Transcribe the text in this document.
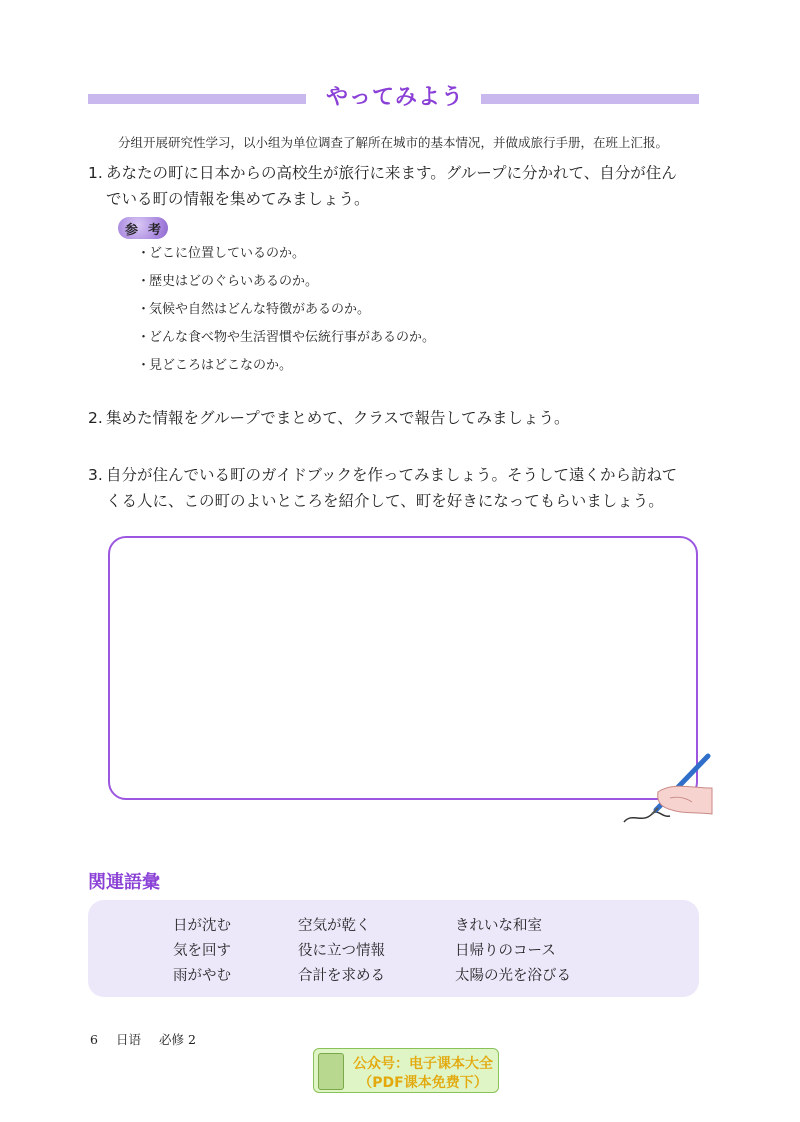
やってみよう
分组开展研究性学习，以小组为单位调查了解所在城市的基本情况，并做成旅行手册，在班上汇报。
1. あなたの町に日本からの高校生が旅行に来ます。グループに分かれて、自分が住ん
でいる町の情報を集めてみましょう。
参 考
・どこに位置しているのか。
・歴史はどのぐらいあるのか。
・気候や自然はどんな特徴があるのか。
・どんな食べ物や生活習慣や伝統行事があるのか。
・見どころはどこなのか。
2. 集めた情報をグループでまとめて、クラスで報告してみましょう。
3. 自分が住んでいる町のガイドブックを作ってみましょう。そうして遠くから訪ねて
くる人に、この町のよいところを紹介して、町を好きになってもらいましょう。
関連語彙
日が沈む
気を回す
雨がやむ
空気が乾く
役に立つ情報
合計を求める
きれいな和室
日帰りのコース
太陽の光を浴びる
6 日语 必修 2
公众号：电子课本大全
（PDF课本免费下）
